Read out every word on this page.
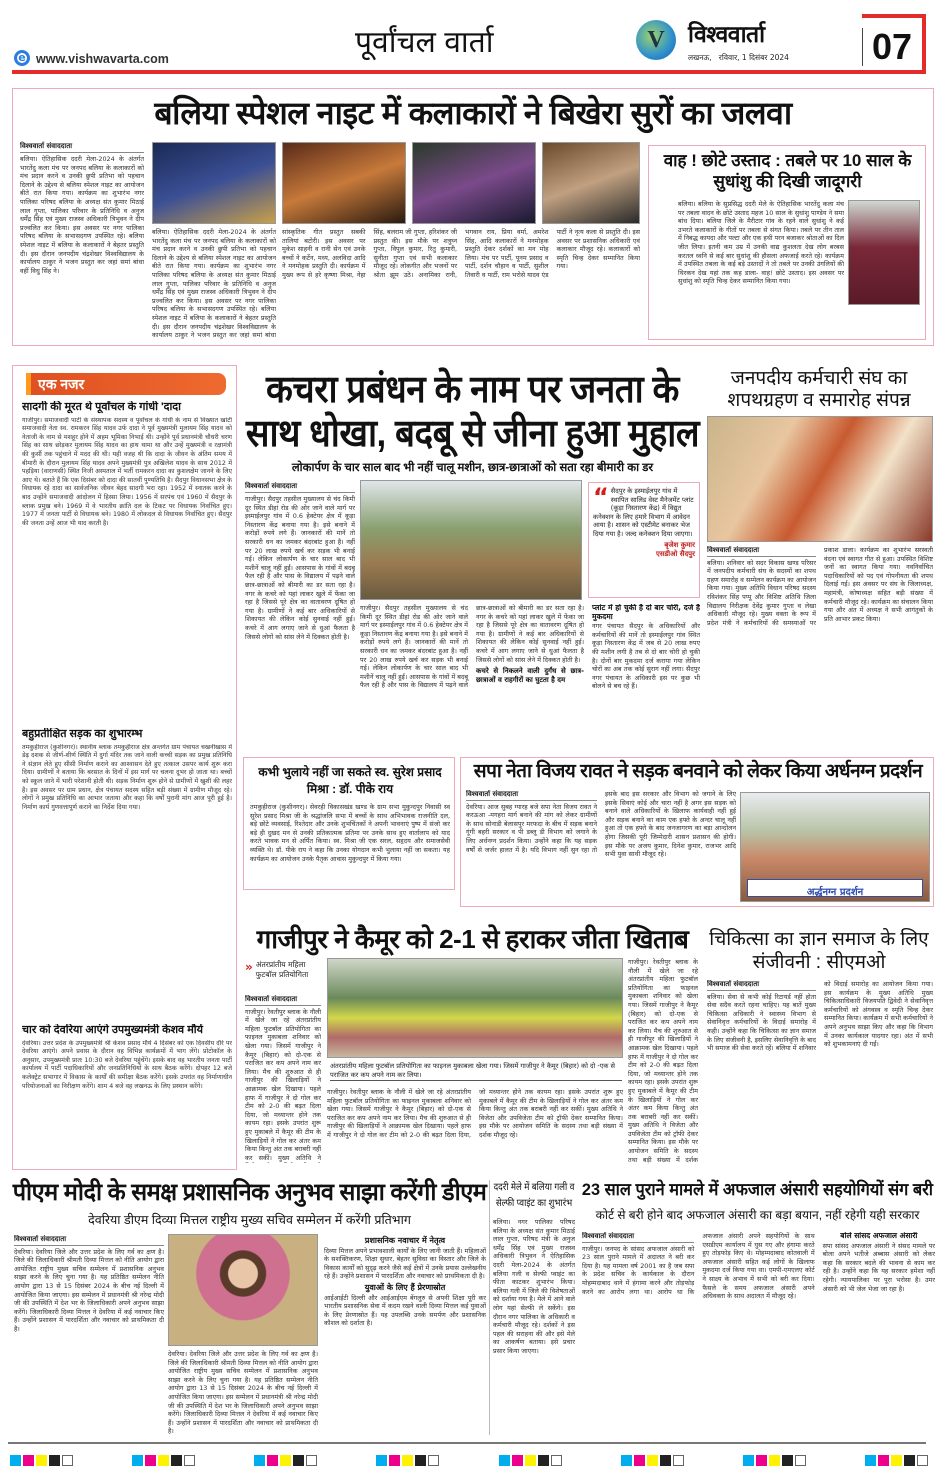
e www.vishwavarta.com	पूर्वांचल वार्ता	V	विश्ववार्ता
लखनऊ,   रविवार, 1 दिसंबर 2024 07
बलिया स्पेशल नाइट में कलाकारों ने बिखेरा सुरों का जलवा
विश्ववार्ता संवाददाता
बलिया। ऐतिहासिक ददरी मेला-2024 के अंतर्गत भारतेंदु कला मंच पर जनपद बलिया के कलाकारों को मंच प्रदान करने व उनकी छुपी प्रतिभा को पहचान दिलाने के उद्देश्य से बलिया स्पेशल नाइट का आयोजन बीते रात किया गया। कार्यक्रम का शुभारंभ नगर पालिका परिषद बलिया के अध्यक्ष संत कुमार मिठाई लाल गुप्ता, पालिका परिवार के प्रतिनिधि व अनुज धर्मेंद्र सिंह एवं मुख्य राजस्व अधिकारी त्रिभुवन ने दीप प्रज्वलित कर किया। इस अवसर पर नगर पालिका परिषद बलिया के सभासदगण उपस्थित रहे। बलिया स्पेशल नाइट में बलिया के कलाकारों ने बेहतर प्रस्तुति दी। इस दौरान जनपदीय चंद्रशेखर विश्वविद्यालय के कार्यालय ठाकुर ने भजन प्रस्तुत कर जहां समां बांधा वहीं विधु सिंह ने।
सांस्कृतिक गीत प्रस्तुत सबकी तालियां बटोरी। इस अवसर पर मुकेश साहनी व रानी सेन एवं उनके बच्चों ने कर्टेन, मध्य, अलविदा आदि ने मनमोहक प्रस्तुति दी। कार्यक्रम में मुख्य रूप से हरे कृष्णा मिश्रा, नेहा सिंह, बलराम जी गुप्ता, हरिशंकर जी प्रस्तुत की। इस मौके पर शत्रुघ्न गुप्ता, विपुल कुमार, रितु कुमारी, सुनीता गुप्ता एवं सभी कलाकार मौजूद रहे। लोकगीत और भजनों पर श्रोता झूम उठे। अनामिका रानी, भगवान राय, प्रिया वर्मा, अमरेश सिंह, आदि कलाकारों ने मनमोहक प्रस्तुति देकर दर्शकों का मन मोह लिया। मंच पर पार्टी, पूनम प्रसाद व पार्टी, दर्शन चौहान व पार्टी, सुशील तिवारी व पार्टी, राम भरोसे यादव एंड पार्टी ने नृत्य कला से प्रस्तुति दी। इस अवसर पर प्रशासनिक अधिकारी एवं कलाकार मौजूद रहे। कलाकारों को स्मृति चिन्ह देकर सम्मानित किया गया।
बलिया। ऐतिहासिक ददरी मेला-2024 के अंतर्गत भारतेंदु कला मंच पर जनपद बलिया के कलाकारों को मंच प्रदान करने व उनकी छुपी प्रतिभा को पहचान दिलाने के उद्देश्य से बलिया स्पेशल नाइट का आयोजन बीते रात किया गया। कार्यक्रम का शुभारंभ नगर पालिका परिषद बलिया के अध्यक्ष संत कुमार मिठाई लाल गुप्ता, पालिका परिवार के प्रतिनिधि व अनुज धर्मेंद्र सिंह एवं मुख्य राजस्व अधिकारी त्रिभुवन ने दीप प्रज्वलित कर किया। इस अवसर पर नगर पालिका परिषद बलिया के सभासदगण उपस्थित रहे। बलिया स्पेशल नाइट में बलिया के कलाकारों ने बेहतर प्रस्तुति दी। इस दौरान जनपदीय चंद्रशेखर विश्वविद्यालय के कार्यालय ठाकुर ने भजन प्रस्तुत कर जहां समां बांधा
वाह ! छोटे उस्ताद : तबले पर 10 साल के सुधांशु की दिखी जादूगरी
बलिया। बलिया के सुप्रसिद्ध ददरी मेले के ऐतिहासिक भारतेंदु कला मंच पर तबला वादन के छोटे उस्ताद महज 10 साल के सुधांशु पाण्डेय ने समा बांध दिया। बलिया जिले के मैरीटार गांव के रहने वाले सुधांशु ने कई उभरते कलाकारों के गीतों पर तबला से संगत किया। तबले पर तीन ताल में निबद्ध कायदा और पल्टा और एक हथी परन बजाकर श्रोताओं का दिल जीत लिया। इतनी कम उम्र में उनकी वाद्य कुशलता देख लोग बरबस करतल ध्वनि से कई बार सुधांशु की हौसला अफजाई करते रहे। कार्यक्रम में उपस्थित तबला के कई बड़े उस्तादों ने तो तबले पर उनकी उंगलियों की थिरकन देख यहां तक कह डाला- वाह! छोटे उस्ताद। इस अवसर पर सुधांशु को स्मृति चिन्ह देकर सम्मानित किया गया।
एक नजर
सादगी की मूरत थे पूर्वांचल के गांधी 'दादा
गाजीपुर। समाजवादी पार्टी के संस्थापक सदस्य व पूर्वांचल के गांधी के नाम से विख्यात खांटी समाजवादी नेता स्व. रामकरन सिंह यादव उर्फ दादा ने पूर्व मुख्यमंत्री मुलायम सिंह यादव को नेताजी के नाम से मशहूर होने में अहम भूमिका निभाई थी। उन्होंने पूर्व प्रधानमंत्री चौधरी चरण सिंह का साथ छोड़कर मुलायम सिंह यादव का हाथ थामा था और उन्हें मुख्यमंत्री व रक्षामंत्री की कुर्सी तक पहुंचाने में मदद की थी। यही वजह थी कि दादा के जीवन के अंतिम समय में बीमारी के दौरान मुलायम सिंह यादव अपने मुख्यमंत्री पुत्र अखिलेश यादव के साथ 2012 में पहड़िया (वाराणसी) स्थित निजी अस्पताल में भर्ती रामकरन दादा का कुशलक्षेम जानने के लिए आए थे। बताते हैं कि एक दिसंबर को दादा की सातवीं पुण्यतिथि है। सैदपुर विधानसभा क्षेत्र के विधायक रहे दादा का सार्वजनिक जीवन बेहद सादगी भरा रहा। 1952 में स्नातक करने के बाद उन्होंने समाजवादी आंदोलन में हिस्सा लिया। 1956 में सरपंच एवं 1960 में सैदपुर के ब्लाक प्रमुख बने। 1969 में वे भारतीय क्रांति दल के टिकट पर विधायक निर्वाचित हुए। 1977 में जनता पार्टी से विधायक बने। 1980 में लोकदल से विधायक निर्वाचित हुए। सैदपुर की जनता उन्हें आज भी याद करती है।
बहुप्रतीक्षित सड़क का शुभारम्भ
तमकुहीराज (कुशीनगर)। स्थानीय ब्लाक तमकुहीराज क्षेत्र अन्तर्गत ग्राम पंचायत चखनीखास में डेढ़ दशक से जीर्ण-शीर्ण स्थिति में दुर्गा मंदिर तक जाने वाली कच्ची सड़क का प्रमुख प्रतिनिधि ने संज्ञान लेते हुए सीसी निर्माण कराने का आश्वासन देते हुए तत्काल उसपर कार्य शुरू करा दिया। ग्रामीणों ने बताया कि बरसात के दिनों में इस मार्ग पर चलना दूभर हो जाता था। बच्चों को स्कूल जाने में भारी परेशानी होती थी। सड़क निर्माण शुरू होने से ग्रामीणों में खुशी की लहर है। इस अवसर पर ग्राम प्रधान, क्षेत्र पंचायत सदस्य सहित बड़ी संख्या में ग्रामीण मौजूद रहे। लोगों ने प्रमुख प्रतिनिधि का आभार जताया और कहा कि वर्षों पुरानी मांग आज पूरी हुई है। निर्माण कार्य गुणवत्तापूर्ण कराने का निर्देश दिया गया।
चार को देवरिया आएंगे उपमुख्यमंत्री केशव मौर्य
देवरिया। उत्तर प्रदेश के उपमुख्यमंत्री श्री केशव प्रसाद मौर्य 4 दिसंबर को एक दिवसीय दौरे पर देवरिया आएंगे। अपने प्रवास के दौरान वह विभिन्न कार्यक्रमों में भाग लेंगे। प्रोटोकॉल के अनुसार, उपमुख्यमंत्री प्रातः 10:30 बजे देवरिया पहुंचेंगे। इसके बाद वह भारतीय जनता पार्टी कार्यालय में पार्टी पदाधिकारियों और जनप्रतिनिधियों के साथ बैठक करेंगे। दोपहर 12 बजे कलेक्ट्रेट सभागार में विकास के कार्यों की समीक्षा बैठक करेंगे। इसके उपरांत वह निर्माणाधीन परियोजनाओं का निरीक्षण करेंगे। शाम 4 बजे वह लखनऊ के लिए प्रस्थान करेंगे।
कचरा प्रबंधन के नाम पर जनता के साथ धोखा, बदबू से जीना हुआ मुहाल
लोकार्पण के चार साल बाद भी नहीं चालू मशीन, छात्र-छात्राओं को सता रहा बीमारी का डर
विश्ववार्ता संवाददाता
गाजीपुर। सैदपुर तहसील मुख्यालय से चंद किमी दूर स्थित डीहां रोड की ओर जाने वाले मार्ग पर इस्माईलपुर गांव में 0.6 हेक्टेयर क्षेत्र में कूड़ा निस्तारण केंद्र बनाया गया है। इसे बनाने में करोड़ों रुपये लगे हैं। जानकारों की मानें तो सरकारी धन का जमकर बंदरबांट हुआ है। नहीं पर 20 लाख रुपये खर्च कर सड़क भी बनाई गई। लेकिन लोकार्पण के चार साल बाद भी मशीनें चालू नहीं हुईं। आसपास के गांवों में बदबू फैल रही है और पास के विद्यालय में पढ़ने वाले छात्र-छात्राओं को बीमारी का डर सता रहा है। नगर के कचरे को यहां लाकर खुले में फेंका जा रहा है जिससे पूरे क्षेत्र का वातावरण दूषित हो गया है। ग्रामीणों ने कई बार अधिकारियों से शिकायत की लेकिन कोई सुनवाई नहीं हुई। कचरे में आग लगाए जाने से धुआं फैलता है जिससे लोगों को सांस लेने में दिक्कत होती है।
“ सैदपुर के इस्माईलपुर गांव में स्थापित सालिड वेस्ट मैनेजमेंट प्लांट (कूड़ा निस्तारण केंद्र) में विद्युत कनेक्शन के लिए हमारे विभाग में आवेदन आया है। शासन को एस्टीमेट बनाकर भेज दिया गया है। जल्द कनेक्शन दिया जाएगा।
बृजेश कुमार
एसडीओ सैदपुर
गाजीपुर। सैदपुर तहसील मुख्यालय से चंद किमी दूर स्थित डीहां रोड की ओर जाने वाले मार्ग पर इस्माईलपुर गांव में 0.6 हेक्टेयर क्षेत्र में कूड़ा निस्तारण केंद्र बनाया गया है। इसे बनाने में करोड़ों रुपये लगे हैं। जानकारों की मानें तो सरकारी धन का जमकर बंदरबांट हुआ है। नहीं पर 20 लाख रुपये खर्च कर सड़क भी बनाई गई। लेकिन लोकार्पण के चार साल बाद भी मशीनें चालू नहीं हुईं। आसपास के गांवों में बदबू फैल रही है और पास के विद्यालय में पढ़ने वाले छात्र-छात्राओं को बीमारी का डर सता रहा है। नगर के कचरे को यहां लाकर खुले में फेंका जा रहा है जिससे पूरे क्षेत्र का वातावरण दूषित हो गया है। ग्रामीणों ने कई बार अधिकारियों से शिकायत की लेकिन कोई सुनवाई नहीं हुई। कचरे में आग लगाए जाने से धुआं फैलता है जिससे लोगों को सांस लेने में दिक्कत होती है।
कचरे से निकलने वाली दुर्गंध से छात्र-छात्राओं व राहगीरों का घुटता है दम
प्लांट में हो चुकी है दो बार चोरी, दर्ज है मुकदमा
नगर पंचायत सैदपुर के अधिकारियों और कर्मचारियों की मानें तो इस्माईलपुर गांव स्थित कूड़ा निस्तारण केंद्र में जब से 20 लाख रुपए की मशीन लगी है तब से दो बार चोरी हो चुकी है। दोनों बार मुकदमा दर्ज कराया गया लेकिन चोरों का अब तक कोई सुराग नहीं लगा। सैदपुर नगर पंचायत के अधिकारी इस पर कुछ भी बोलने से बच रहे हैं।
जनपदीय कर्मचारी संघ का शपथग्रहण व समारोह संपन्न
विश्ववार्ता संवाददाता
बलिया। शनिवार को सदर विकास खण्ड परिसर में जनपदीय कर्मचारी संघ के सदस्यों का शपथ ग्रहण समारोह व सम्मेलन कार्यक्रम का आयोजन किया गया। मुख्य अतिथि विधान परिषद सदस्य रविशंकर सिंह पप्पू और विशिष्ट अतिथि जिला विद्यालय निरीक्षक देवेंद्र कुमार गुप्ता व लेखा अधिकारी मौजूद रहे। मुख्य वक्ता के रूप में प्रदेश मंत्री ने कर्मचारियों की समस्याओं पर प्रकाश डाला। कार्यक्रम का शुभारंभ सरस्वती वंदना एवं स्वागत गीत से हुआ। उपस्थित विशिष्ट जनों का स्वागत किया गया। नवनिर्वाचित पदाधिकारियों को पद एवं गोपनीयता की शपथ दिलाई गई। इस अवसर पर संघ के जिलाध्यक्ष, महामंत्री, कोषाध्यक्ष सहित बड़ी संख्या में कर्मचारी मौजूद रहे। कार्यक्रम का संचालन किया गया और अंत में अध्यक्ष ने सभी आगंतुकों के प्रति आभार प्रकट किया।
कभी भुलाये नहीं जा सकते स्व. सुरेश प्रसाद मिश्रा : डॉ. पीके राय
तमकुहीराज (कुशीनगर)। सेवरही विकासखंड खण्ड के ग्राम सभा मुकुन्दपुर निवासी स्व सुरेश प्रसाद मिश्रा जी के श्रद्धांजलि सभा में बच्चों के साथ अभिभावक राजनीति दल, बड़े छोटे व्यवसाई, रिश्तेदार और उनके शुभचिंतकों ने अपनी भावनाएं पुष्प में संजो कर बड़े ही दुखद मन से उनकी प्रतिकात्मक प्रतिमा पर उनके साथ हुए वार्तालाप को याद करते भावक मन से अर्पित किया। स्व. मिश्रा जी एक सरल, सहृदय और समाजसेवी व्यक्ति थे। डॉ. पीके राय ने कहा कि उनका योगदान कभी भुलाया नहीं जा सकता। यह कार्यक्रम का आयोजन उनके पैतृक आवास मुकुन्दपुर में किया गया।
सपा नेता विजय रावत ने सड़क बनवाने को लेकर किया अर्धनग्न प्रदर्शन
विश्ववार्ता संवाददाता
देवरिया। आज सुबह ग्यारह बजे सपा नेता विजय रावत ने करऊआ -मगहरा मार्ग बनाने की मांग को लेकर ग्रामीणों के साथ सोनाडी बेलासपुर मरफदा के बीच में सड़क बनाने गूंगी बहरी सरकार व पी डब्लू डी विभाग को जगाने के लिए अर्धनग्न प्रदर्शन किया। उन्होंने कहा कि यह सड़क वर्षों से जर्जर हालत में है। यदि विभाग नहीं सुन रहा तो इसके बाद इस सरकार और विभाग को जगाने के लिए इसके सिवाएं कोई और चारा नहीं है अगर इस सड़क को बनाने वाले अधिकारियों के खिलाफ कार्यवाही नहीं हुई और सड़क बनाने का काम एक हफ्ते के अन्दर चालू नहीं हुआ तो एक हफ्ते के बाद जनजागरण का बड़ा आन्दोलन होगा जिसकी पूरी जिम्मेदारी शासन प्रशासन की होगी। इस मौके पर अजय कुमार, दिनेश कुमार, राजभर आदि सभी युवा साथी मौजूद रहे।
अर्द्धनग्न प्रदर्शन
गाजीपुर ने कैमूर को 2-1 से हराकर जीता खिताब
» अंतरप्रांतीय महिला फुटबॉल प्रतियोगिता
विश्ववार्ता संवाददाता
गाजीपुर। रेवतीपुर ब्लाक के नौली में खेले जा रहे अंतरप्रांतीय महिला फुटबॉल प्रतियोगिता का फाइनल मुकाबला शनिवार को खेला गया। जिसमें गाजीपुर ने कैमूर (बिहार) को दो-एक से पराजित कर कप अपने नाम कर लिया। मैच की शुरुआत से ही गाजीपुर की खिलाड़ियों ने आक्रामक खेल दिखाया। पहले हाफ में गाजीपुर ने दो गोल कर टीम को 2-0 की बढ़त दिला दिया, जो मध्यान्तर होने तक कायम रहा। इसके उपरांत शुरू हुए मुकाबले में कैमूर की टीम के खिलाड़ियों ने गोल कर अंतर कम किया किन्तु अंत तक बराबरी नहीं कर सकीं। मुख्य अतिथि ने
अंतरप्रांतीय महिला फुटबॉल प्रतियोगिता का फाइनल मुकाबला खेला गया। जिसमें गाजीपुर ने कैमूर (बिहार) को दो -एक से पराजित कर कप अपने नाम कर लिया।
गाजीपुर। रेवतीपुर ब्लाक के नौली में खेले जा रहे अंतरप्रांतीय महिला फुटबॉल प्रतियोगिता का फाइनल मुकाबला शनिवार को खेला गया। जिसमें गाजीपुर ने कैमूर (बिहार) को दो-एक से पराजित कर कप अपने नाम कर लिया। मैच की शुरुआत से ही गाजीपुर की खिलाड़ियों ने आक्रामक खेल दिखाया। पहले हाफ में गाजीपुर ने दो गोल कर टीम को 2-0 की बढ़त दिला दिया, जो मध्यान्तर होने तक कायम रहा। इसके उपरांत शुरू हुए मुकाबले में कैमूर की टीम के खिलाड़ियों ने गोल कर अंतर कम किया किन्तु अंत तक बराबरी नहीं कर सकीं। मुख्य अतिथि ने विजेता और उपविजेता टीम को ट्रॉफी देकर सम्मानित किया। इस मौके पर आयोजन समिति के सदस्य तथा बड़ी संख्या में दर्शक मौजूद रहे।
गाजीपुर। रेवतीपुर ब्लाक के नौली में खेले जा रहे अंतरप्रांतीय महिला फुटबॉल प्रतियोगिता का फाइनल मुकाबला शनिवार को खेला गया। जिसमें गाजीपुर ने कैमूर (बिहार) को दो-एक से पराजित कर कप अपने नाम कर लिया। मैच की शुरुआत से ही गाजीपुर की खिलाड़ियों ने आक्रामक खेल दिखाया। पहले हाफ में गाजीपुर ने दो गोल कर टीम को 2-0 की बढ़त दिला दिया, जो मध्यान्तर होने तक कायम रहा। इसके उपरांत शुरू हुए मुकाबले में कैमूर की टीम के खिलाड़ियों ने गोल कर अंतर कम किया किन्तु अंत तक बराबरी नहीं कर सकीं। मुख्य अतिथि ने विजेता और उपविजेता टीम को ट्रॉफी देकर सम्मानित किया। इस मौके पर आयोजन समिति के सदस्य तथा बड़ी संख्या में दर्शक
चिकित्सा का ज्ञान समाज के लिए संजीवनी : सीएमओ
विश्ववार्ता संवाददाता
बलिया। सेवा से कभी कोई रिटायर्ड नहीं होता सेवा सदैव करते रहना चाहिए। यह बातें मुख्य चिकित्सा अधिकारी ने स्वास्थ्य विभाग से सेवानिवृत्त कर्मचारियों के विदाई समारोह में कही। उन्होंने कहा कि चिकित्सा का ज्ञान समाज के लिए संजीवनी है, इसलिए सेवानिवृत्ति के बाद भी समाज की सेवा करते रहें। बलिया में शनिवार को विदाई समारोह का आयोजन किया गया। इस कार्यक्रम के मुख्य अतिथि मुख्य चिकित्साधिकारी विजयपति द्विवेदी ने सेवानिवृत्त कर्मचारियों को अंगवस्त्र व स्मृति चिन्ह देकर सम्मानित किया। कार्यक्रम में सभी कर्मचारियों ने अपने अनुभव साझा किए और कहा कि विभाग में उनका कार्यकाल यादगार रहा। अंत में सभी को शुभकामनाएं दी गईं।
पीएम मोदी के समक्ष प्रशासनिक अनुभव साझा करेंगी डीएम
देवरिया डीएम दिव्या मित्तल राष्ट्रीय मुख्य सचिव सम्मेलन में करेंगी प्रतिभाग
विश्ववार्ता संवाददाता
देवरिया। देवरिया जिले और उत्तर प्रदेश के लिए गर्व का क्षण है। जिले की जिलाधिकारी श्रीमती दिव्या मित्तल को नीति आयोग द्वारा आयोजित राष्ट्रीय मुख्य सचिव सम्मेलन में प्रशासनिक अनुभव साझा करने के लिए चुना गया है। यह प्रतिष्ठित सम्मेलन नीति आयोग द्वारा 13 से 15 दिसंबर 2024 के बीच नई दिल्ली में आयोजित किया जाएगा। इस सम्मेलन में प्रधानमंत्री श्री नरेन्द्र मोदी जी की उपस्थिति में देश भर के जिलाधिकारी अपने अनुभव साझा करेंगे। जिलाधिकारी दिव्या मित्तल ने देवरिया में कई नवाचार किए हैं। उन्होंने प्रशासन में पारदर्शिता और नवाचार को प्राथमिकता दी है।
देवरिया। देवरिया जिले और उत्तर प्रदेश के लिए गर्व का क्षण है। जिले की जिलाधिकारी श्रीमती दिव्या मित्तल को नीति आयोग द्वारा आयोजित राष्ट्रीय मुख्य सचिव सम्मेलन में प्रशासनिक अनुभव साझा करने के लिए चुना गया है। यह प्रतिष्ठित सम्मेलन नीति आयोग द्वारा 13 से 15 दिसंबर 2024 के बीच नई दिल्ली में आयोजित किया जाएगा। इस सम्मेलन में प्रधानमंत्री श्री नरेन्द्र मोदी जी की उपस्थिति में देश भर के जिलाधिकारी अपने अनुभव साझा करेंगे। जिलाधिकारी दिव्या मित्तल ने देवरिया में कई नवाचार किए हैं। उन्होंने प्रशासन में पारदर्शिता और नवाचार को प्राथमिकता दी है।
प्रशासनिक नवाचार में नेतृत्व
दिव्या मित्तल अपने प्रभावशाली कार्यों के लिए जानी जाती हैं। महिलाओं के सशक्तिकरण, शिक्षा सुधार, बेहतर सुविधा का विस्तार और जिले के विकास कार्यों को सुदृढ़ करने जैसे कई क्षेत्रों में उनके प्रयास उल्लेखनीय रहे हैं। उन्होंने प्रशासन में पारदर्शिता और नवाचार को प्राथमिकता दी है।
युवाओं के लिए हैं प्रेरणास्रोत
आईआईटी दिल्ली और आईआईएम बेंगलुरु से अपनी शिक्षा पूरी कर भारतीय प्रशासनिक सेवा में कदम रखने वाली दिव्या मित्तल कई युवाओं के लिए प्रेरणास्रोत हैं। यह उपलब्धि उनके समर्पण और प्रशासनिक कौशल को दर्शाता है।
ददरी मेले में बलिया गली व सेल्फी प्वाइंट का शुभारंभ
बलिया। नगर पालिका परिषद बलिया के अध्यक्ष संत कुमार मिठाई लाल गुप्ता, परिषद मंत्री के अनुज धर्मेंद्र सिंह एवं मुख्य राजस्व अधिकारी त्रिभुवन ने ऐतिहासिक ददरी मेला-2024 के अंतर्गत बलिया गली व सेल्फी प्वाइंट का फीता काटकर शुभारंभ किया। बलिया गली में जिले की विशेषताओं को दर्शाया गया है। मेले में आने वाले लोग यहां सेल्फी ले सकेंगे। इस दौरान नगर पालिका के अधिकारी व कर्मचारी मौजूद रहे। दर्शकों ने इस पहल की सराहना की और इसे मेले का आकर्षण बताया। इसे प्रचार प्रसार किया जाएगा।
23 साल पुराने मामले में अफजाल अंसारी सहयोगियों संग बरी
कोर्ट से बरी होने बाद अफजाल अंसारी का बड़ा बयान, नहीं रहेगी यही सरकार
विश्ववार्ता संवाददाता
गाजीपुर। जनपद के सांसद अफजाल अंसारी को 23 साल पुराने मामले में अदालत ने बरी कर दिया है। यह मामला वर्ष 2001 का है जब सपा के प्रदेश सचिव के कार्यकाल के दौरान मोहम्मदाबाद थाने में हंगामा करने और तोड़फोड़ करने का आरोप लगा था। आरोप था कि अफजाल अंसारी अपने सहयोगियों के साथ एसडीएम कार्यालय में घुस गए और हंगामा करते हुए तोड़फोड़ किए थे। मोहम्मदाबाद कोतवाली में अफजाल अंसारी सहित कई लोगों के खिलाफ मुकदमा दर्ज किया गया था। एमपी-एमएलए कोर्ट ने साक्ष्य के अभाव में सभी को बरी कर दिया। फैसले के समय अफजाल अंसारी अपने अधिवक्ता के साथ अदालत में मौजूद रहे।
बोले सांसद अफजाल अंसारी
सपा सांसद अफजाल अंसारी ने संसद मामले पर बोला अपने भतीजे अब्बास अंसारी को लेकर कहा कि सरकार बदले की भावना से काम कर रही है। उन्होंने कहा कि यह सरकार हमेशा नहीं रहेगी। न्यायपालिका पर पूरा भरोसा है। उमर अंसारी को भी जेल भेजा जा रहा है।
